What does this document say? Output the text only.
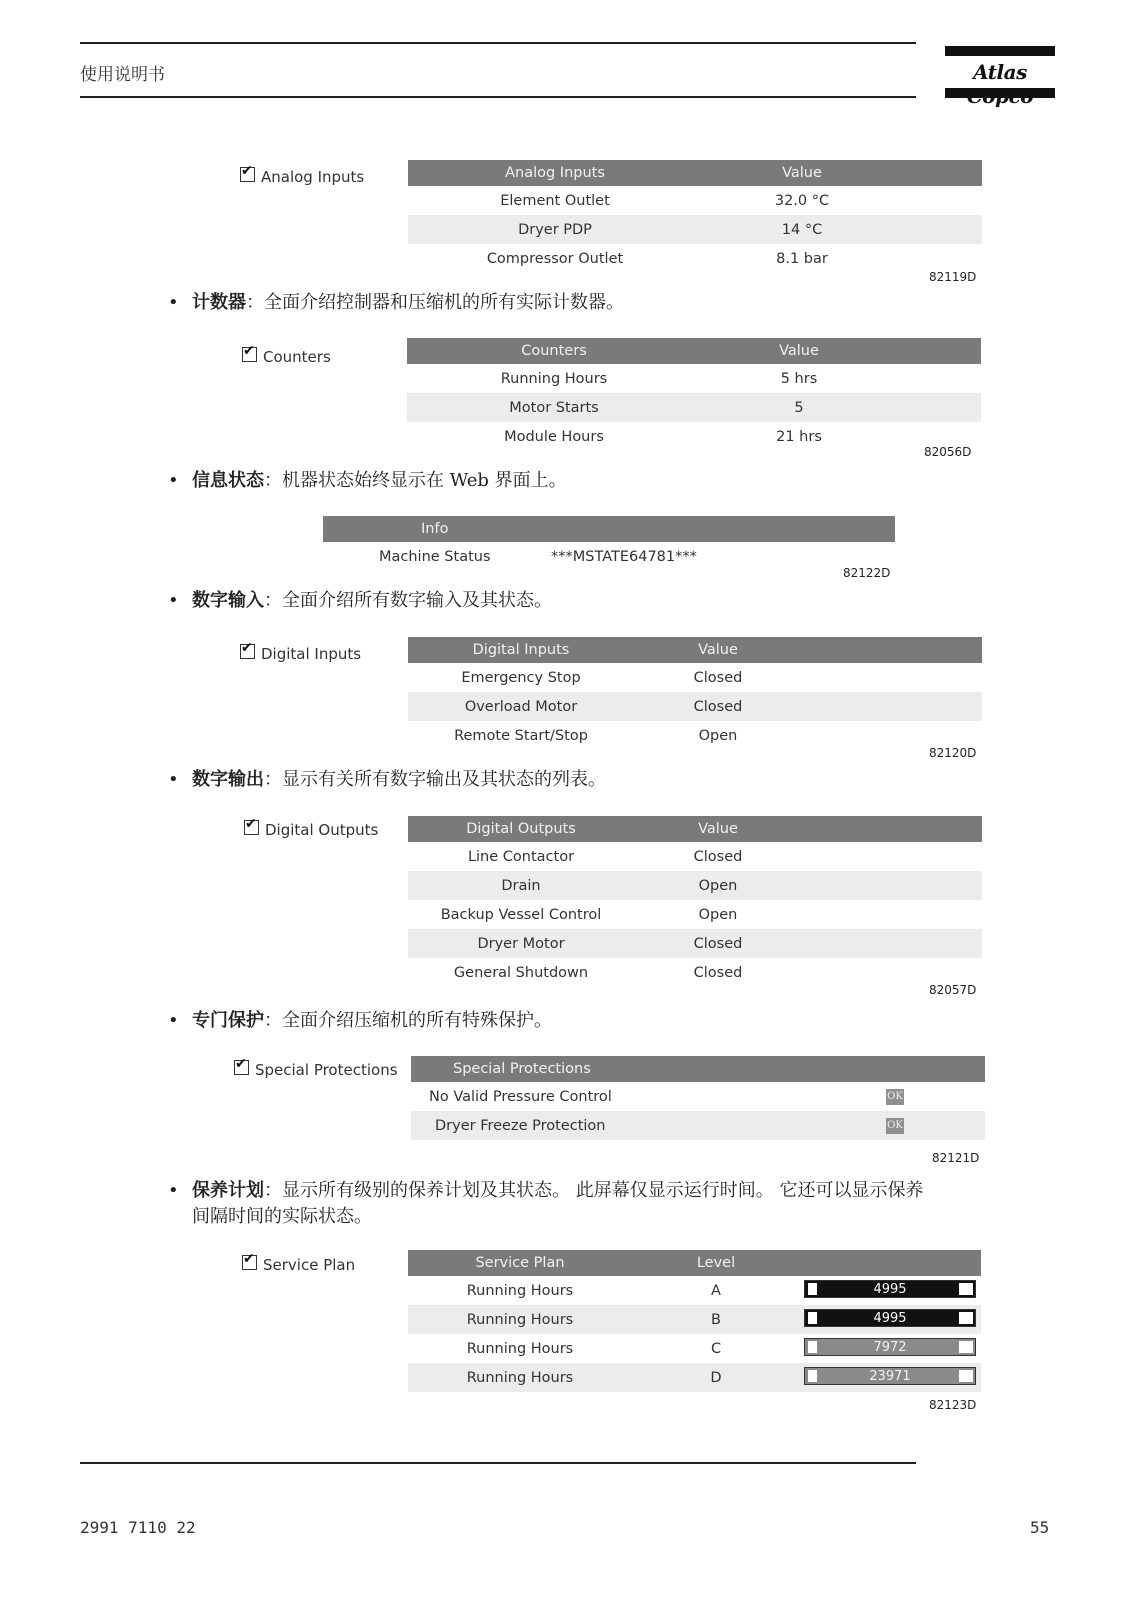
使用说明书	Atlas
✔
Analog Inputs	Analog Inputs	Value
Element Outlet	32.0 °C
Dryer PDP	14 °C
Compressor Outlet	8.1 bar
82119D
• 计数器：全面介绍控制器和压缩机的所有实际计数器。
✔
Counters	Counters	Value
Running Hours	5 hrs
Motor Starts	5
Module Hours	21 hrs
82056D
• 信息状态：机器状态始终显示在 Web 界面上。
Info
Machine Status	***MSTATE64781***
82122D
• 数字输入：全面介绍所有数字输入及其状态。
✔
Digital Inputs	Digital Inputs	Value
Emergency Stop	Closed
Overload Motor	Closed
Remote Start/Stop	Open
82120D
• 数字输出：显示有关所有数字输出及其状态的列表。
✔
Digital Outputs	Digital Outputs	Value
Line Contactor	Closed
Drain	Open
Backup Vessel Control	Open
Dryer Motor	Closed
General Shutdown	Closed
82057D
• 专门保护：全面介绍压缩机的所有特殊保护。
✔
Special Protections	Special Protections
No Valid Pressure Control	OK
Dryer Freeze Protection	OK
82121D
• 保养计划：显示所有级别的保养计划及其状态。 此屏幕仅显示运行时间。 它还可以显示保养
间隔时间的实际状态。
✔
Service Plan	Service Plan	Level
Running Hours	A	4995
Running Hours	B	4995
Running Hours	C	7972
Running Hours	D	23971
82123D
2991 7110 22	55
